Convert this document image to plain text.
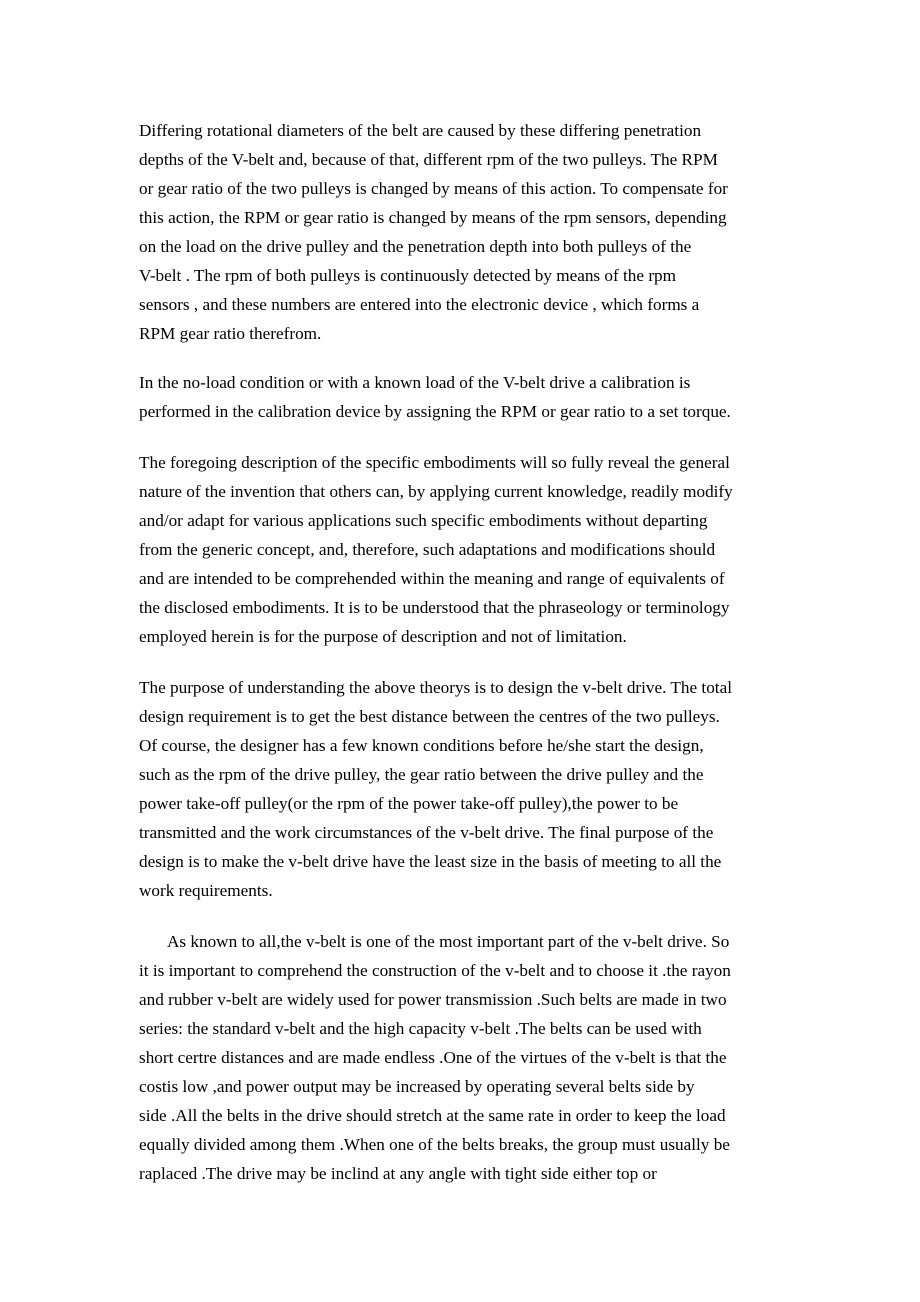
Differing rotational diameters of the belt are caused by these differing penetration

depths of the V-belt and, because of that, different rpm of the two pulleys. The RPM

or gear ratio of the two pulleys is changed by means of this action. To compensate for

this action, the RPM or gear ratio is changed by means of the rpm sensors, depending

on the load on the drive pulley and the penetration depth into both pulleys of the

V-belt . The rpm of both pulleys is continuously detected by means of the rpm

sensors , and these numbers are entered into the electronic device , which forms a

RPM gear ratio therefrom.

In the no-load condition or with a known load of the V-belt drive a calibration is

performed in the calibration device by assigning the RPM or gear ratio to a set torque.

The foregoing description of the specific embodiments will so fully reveal the general

nature of the invention that others can, by applying current knowledge, readily modify

and/or adapt for various applications such specific embodiments without departing

from the generic concept, and, therefore, such adaptations and modifications should

and are intended to be comprehended within the meaning and range of equivalents of

the disclosed embodiments. It is to be understood that the phraseology or terminology

employed herein is for the purpose of description and not of limitation.

The purpose of understanding the above theorys is to design the v-belt drive. The total

design requirement is to get the best distance between the centres of the two pulleys.

Of course, the designer has a few known conditions before he/she start the design,

such as the rpm of the drive pulley, the gear ratio between the drive pulley and the

power take-off pulley(or the rpm of the power take-off pulley),the power to be

transmitted and the work circumstances of the v-belt drive. The final purpose of the

design is to make the v-belt drive have the least size in the basis of meeting to all the

work requirements.

As known to all,the v-belt is one of the most important part of the v-belt drive. So

it is important to comprehend the construction of the v-belt and to choose it .the rayon

and rubber v-belt are widely used for power transmission .Such belts are made in two

series: the standard v-belt and the high capacity v-belt .The belts can be used with

short certre distances and are made endless .One of the virtues of the v-belt is that the

costis low ,and power output may be increased by operating several belts side by

side .All the belts in the drive should stretch at the same rate in order to keep the load

equally divided among them .When one of the belts breaks, the group must usually be

raplaced .The drive may be inclind at any angle with tight side either top or
